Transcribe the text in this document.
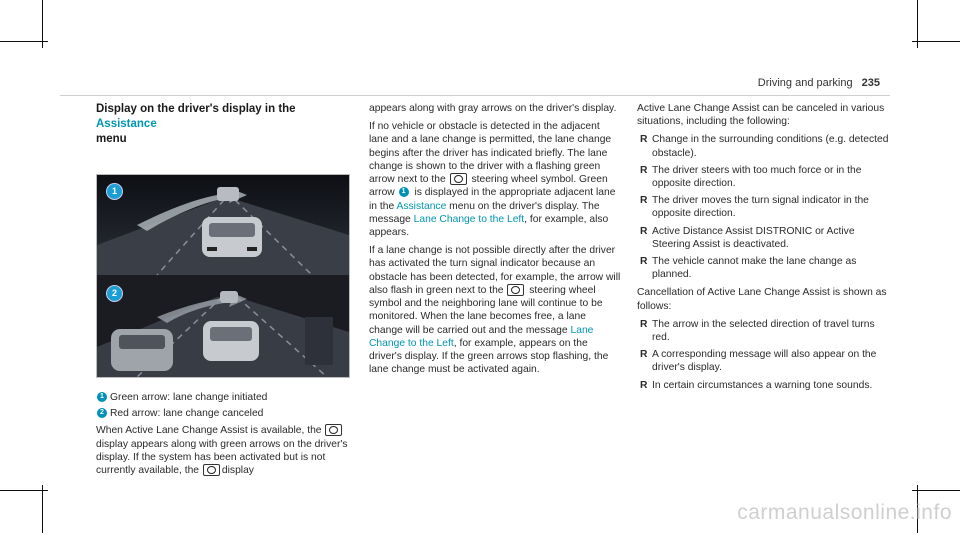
Driving and parking 235
Display on the driver's display in the Assistance
menu
1
2
1 Green arrow: lane change initiated
2 Red arrow: lane change canceled

When Active Lane Change Assist is available, the display appears along with green arrows on the driver's display. If the system has been activated but is not currently available, the display

appears along with gray arrows on the driver's display.

If no vehicle or obstacle is detected in the adjacent lane and a lane change is permitted, the lane change begins after the driver has indicated briefly. The lane change is shown to the driver with a flashing green arrow next to the	steering wheel symbol. Green arrow 1 is displayed in the appropriate adjacent lane in the Assistance menu on the driver's display. The message Lane Change to the Left, for example, also appears.

If a lane change is not possible directly after the driver has activated the turn signal indicator because an obstacle has been detected, for example, the arrow will also flash in green next to the	steering wheel symbol and the neighboring lane will continue to be monitored. When the lane becomes free, a lane change will be carried out and the message Lane Change to the Left, for example, appears on the driver's display. If the green arrows stop flashing, the lane change must be activated again.

Active Lane Change Assist can be canceled in various situations, including the following:

R Change in the surrounding conditions (e.g. detected obstacle).
R The driver steers with too much force or in the opposite direction.
R The driver moves the turn signal indicator in the opposite direction.
R Active Distance Assist DISTRONIC or Active Steering Assist is deactivated.
R The vehicle cannot make the lane change as planned.

Cancellation of Active Lane Change Assist is shown as follows:

R The arrow in the selected direction of travel turns red.
R A corresponding message will also appear on the driver's display.
R In certain circumstances a warning tone sounds.
carmanualsonline.info
